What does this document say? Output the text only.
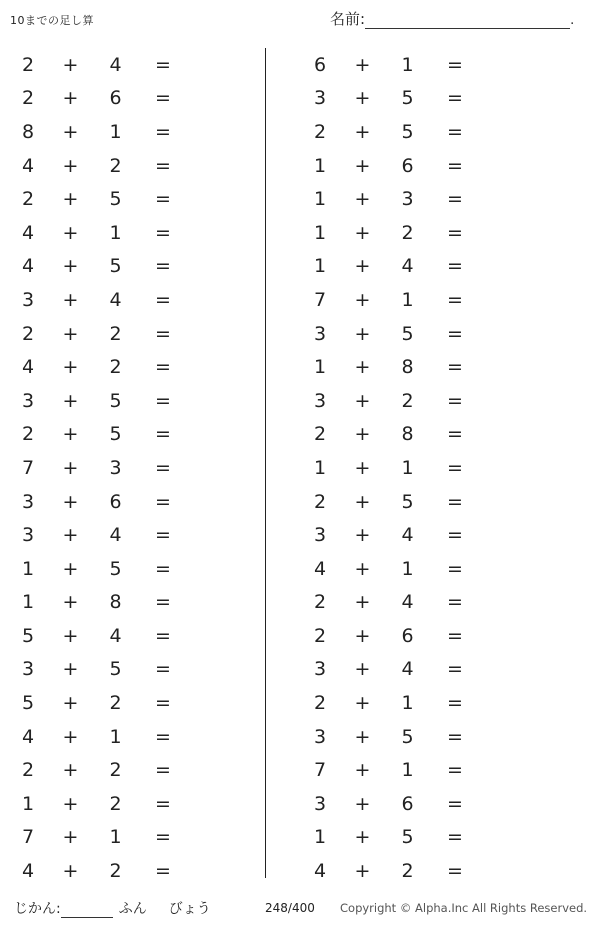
10までの足し算	名前:	.
2	+	4	=
2	+	6	=
8	+	1	=
4	+	2	=
2	+	5	=
4	+	1	=
4	+	5	=
3	+	4	=
2	+	2	=
4	+	2	=
3	+	5	=
2	+	5	=
7	+	3	=
3	+	6	=
3	+	4	=
1	+	5	=
1	+	8	=
5	+	4	=
3	+	5	=
5	+	2	=
4	+	1	=
2	+	2	=
1	+	2	=
7	+	1	=
4	+	2	=
6	+	1	=
3	+	5	=
2	+	5	=
1	+	6	=
1	+	3	=
1	+	2	=
1	+	4	=
7	+	1	=
3	+	5	=
1	+	8	=
3	+	2	=
2	+	8	=
1	+	1	=
2	+	5	=
3	+	4	=
4	+	1	=
2	+	4	=
2	+	6	=
3	+	4	=
2	+	1	=
3	+	5	=
7	+	1	=
3	+	6	=
1	+	5	=
4	+	2	=
じかん:	ふん びょう	248/400 Copyright © Alpha.Inc All Rights Reserved.
